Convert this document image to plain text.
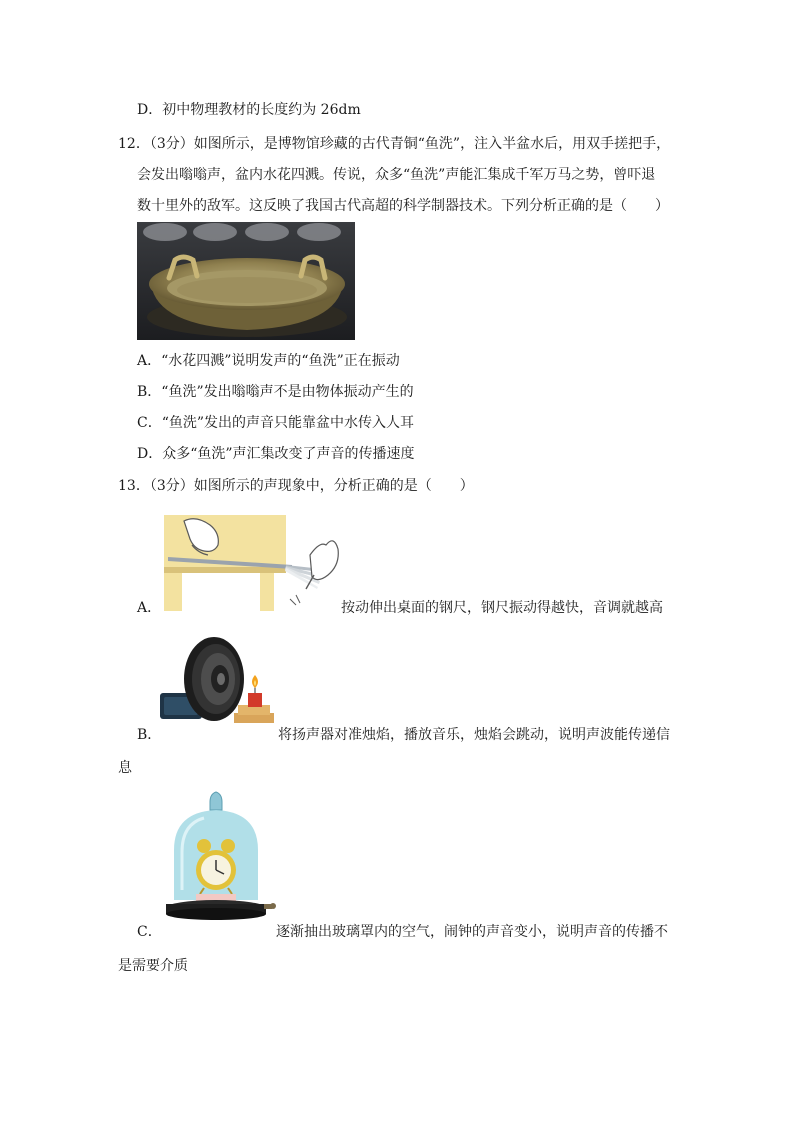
D．初中物理教材的长度约为 26dm
12．（3分）如图所示，是博物馆珍藏的古代青铜“鱼洗”，注入半盆水后，用双手搓把手，
会发出嗡嗡声，盆内水花四溅。传说，众多“鱼洗”声能汇集成千军万马之势，曾吓退
数十里外的敌军。这反映了我国古代高超的科学制器技术。下列分析正确的是（　　）
A．“水花四溅”说明发声的“鱼洗”正在振动
B．“鱼洗”发出嗡嗡声不是由物体振动产生的
C．“鱼洗”发出的声音只能靠盆中水传入人耳
D．众多“鱼洗”声汇集改变了声音的传播速度
13．（3分）如图所示的声现象中，分析正确的是（　　）
A．	按动伸出桌面的钢尺，钢尺振动得越快，音调就越高
B．	将扬声器对准烛焰，播放音乐，烛焰会跳动，说明声波能传递信
息
C．	逐渐抽出玻璃罩内的空气，闹钟的声音变小，说明声音的传播不
是需要介质
